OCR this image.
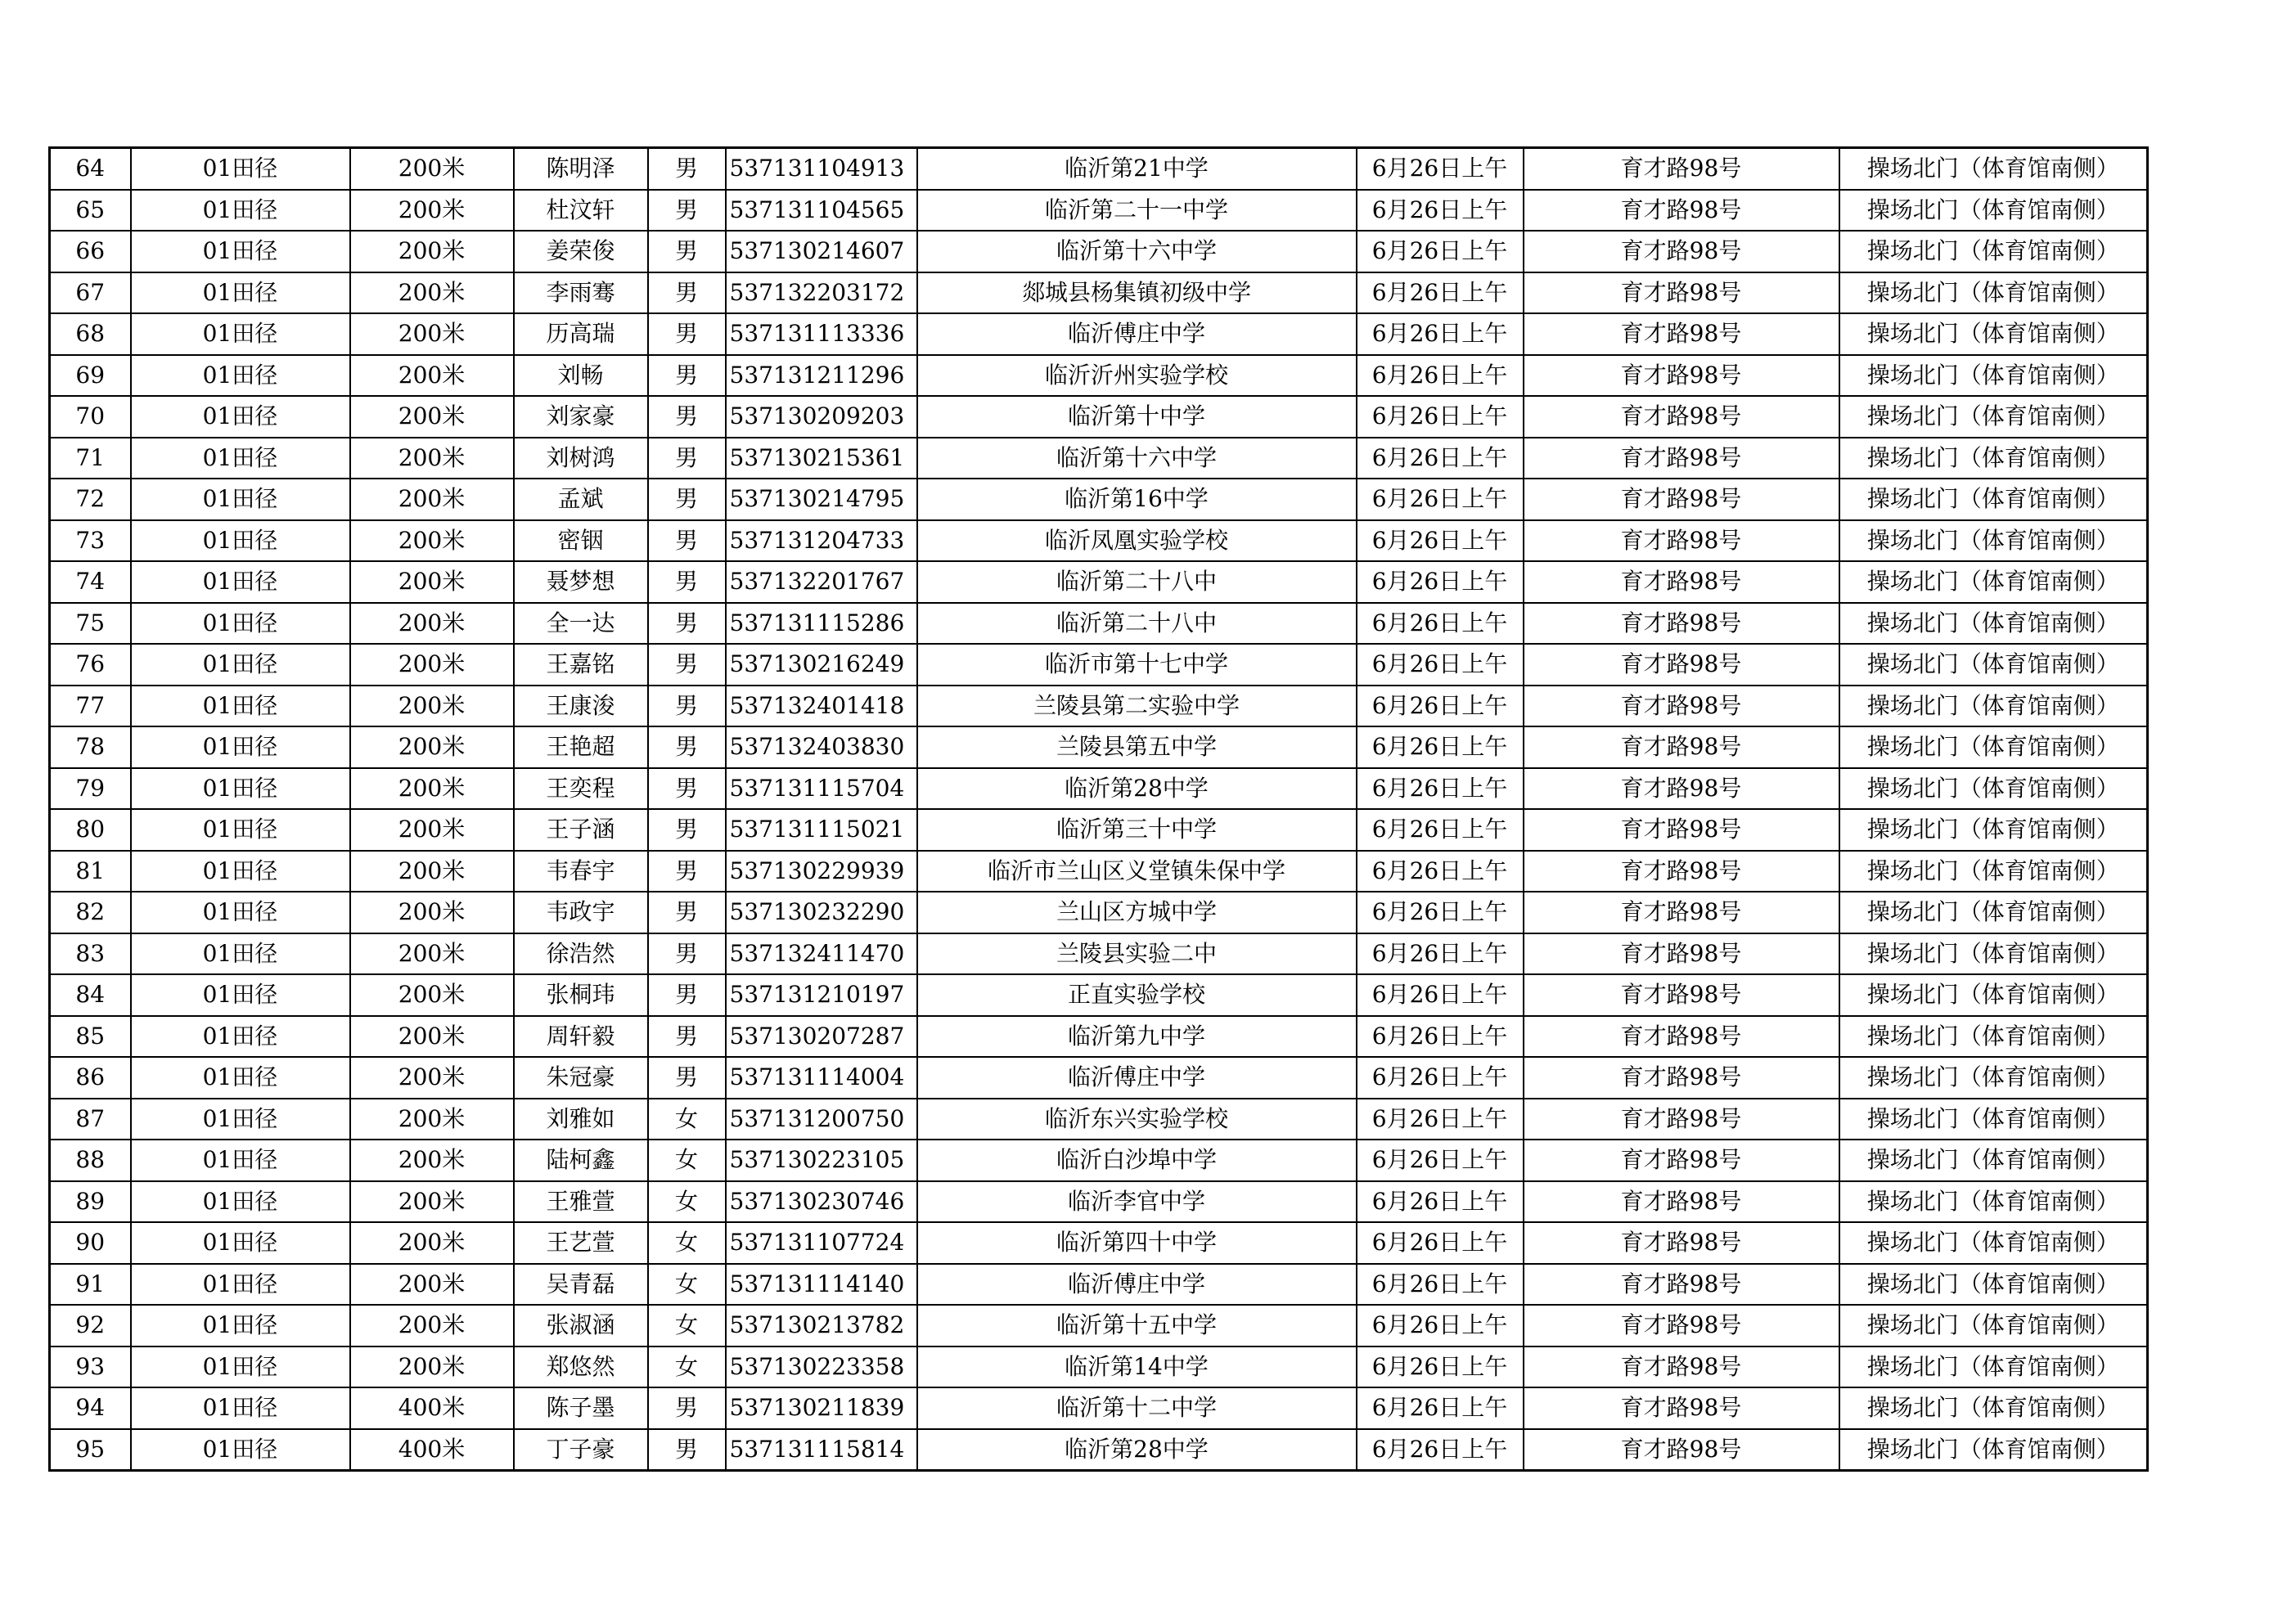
64	01田径	200米	陈明泽	男	537131104913	临沂第21中学	6月26日上午	育才路98号	操场北门（体育馆南侧）
65	01田径	200米	杜汶轩	男	537131104565	临沂第二十一中学	6月26日上午	育才路98号	操场北门（体育馆南侧）
66	01田径	200米	姜荣俊	男	537130214607	临沂第十六中学	6月26日上午	育才路98号	操场北门（体育馆南侧）
67	01田径	200米	李雨骞	男	537132203172	郯城县杨集镇初级中学	6月26日上午	育才路98号	操场北门（体育馆南侧）
68	01田径	200米	历高瑞	男	537131113336	临沂傅庄中学	6月26日上午	育才路98号	操场北门（体育馆南侧）
69	01田径	200米	刘畅	男	537131211296	临沂沂州实验学校	6月26日上午	育才路98号	操场北门（体育馆南侧）
70	01田径	200米	刘家豪	男	537130209203	临沂第十中学	6月26日上午	育才路98号	操场北门（体育馆南侧）
71	01田径	200米	刘树鸿	男	537130215361	临沂第十六中学	6月26日上午	育才路98号	操场北门（体育馆南侧）
72	01田径	200米	孟斌	男	537130214795	临沂第16中学	6月26日上午	育才路98号	操场北门（体育馆南侧）
73	01田径	200米	密铟	男	537131204733	临沂凤凰实验学校	6月26日上午	育才路98号	操场北门（体育馆南侧）
74	01田径	200米	聂梦想	男	537132201767	临沂第二十八中	6月26日上午	育才路98号	操场北门（体育馆南侧）
75	01田径	200米	全一达	男	537131115286	临沂第二十八中	6月26日上午	育才路98号	操场北门（体育馆南侧）
76	01田径	200米	王嘉铭	男	537130216249	临沂市第十七中学	6月26日上午	育才路98号	操场北门（体育馆南侧）
77	01田径	200米	王康浚	男	537132401418	兰陵县第二实验中学	6月26日上午	育才路98号	操场北门（体育馆南侧）
78	01田径	200米	王艳超	男	537132403830	兰陵县第五中学	6月26日上午	育才路98号	操场北门（体育馆南侧）
79	01田径	200米	王奕程	男	537131115704	临沂第28中学	6月26日上午	育才路98号	操场北门（体育馆南侧）
80	01田径	200米	王子涵	男	537131115021	临沂第三十中学	6月26日上午	育才路98号	操场北门（体育馆南侧）
81	01田径	200米	韦春宇	男	537130229939	临沂市兰山区义堂镇朱保中学	6月26日上午	育才路98号	操场北门（体育馆南侧）
82	01田径	200米	韦政宇	男	537130232290	兰山区方城中学	6月26日上午	育才路98号	操场北门（体育馆南侧）
83	01田径	200米	徐浩然	男	537132411470	兰陵县实验二中	6月26日上午	育才路98号	操场北门（体育馆南侧）
84	01田径	200米	张桐玮	男	537131210197	正直实验学校	6月26日上午	育才路98号	操场北门（体育馆南侧）
85	01田径	200米	周轩毅	男	537130207287	临沂第九中学	6月26日上午	育才路98号	操场北门（体育馆南侧）
86	01田径	200米	朱冠豪	男	537131114004	临沂傅庄中学	6月26日上午	育才路98号	操场北门（体育馆南侧）
87	01田径	200米	刘雅如	女	537131200750	临沂东兴实验学校	6月26日上午	育才路98号	操场北门（体育馆南侧）
88	01田径	200米	陆柯鑫	女	537130223105	临沂白沙埠中学	6月26日上午	育才路98号	操场北门（体育馆南侧）
89	01田径	200米	王雅萱	女	537130230746	临沂李官中学	6月26日上午	育才路98号	操场北门（体育馆南侧）
90	01田径	200米	王艺萱	女	537131107724	临沂第四十中学	6月26日上午	育才路98号	操场北门（体育馆南侧）
91	01田径	200米	吴青磊	女	537131114140	临沂傅庄中学	6月26日上午	育才路98号	操场北门（体育馆南侧）
92	01田径	200米	张淑涵	女	537130213782	临沂第十五中学	6月26日上午	育才路98号	操场北门（体育馆南侧）
93	01田径	200米	郑悠然	女	537130223358	临沂第14中学	6月26日上午	育才路98号	操场北门（体育馆南侧）
94	01田径	400米	陈子墨	男	537130211839	临沂第十二中学	6月26日上午	育才路98号	操场北门（体育馆南侧）
95	01田径	400米	丁子豪	男	537131115814	临沂第28中学	6月26日上午	育才路98号	操场北门（体育馆南侧）
